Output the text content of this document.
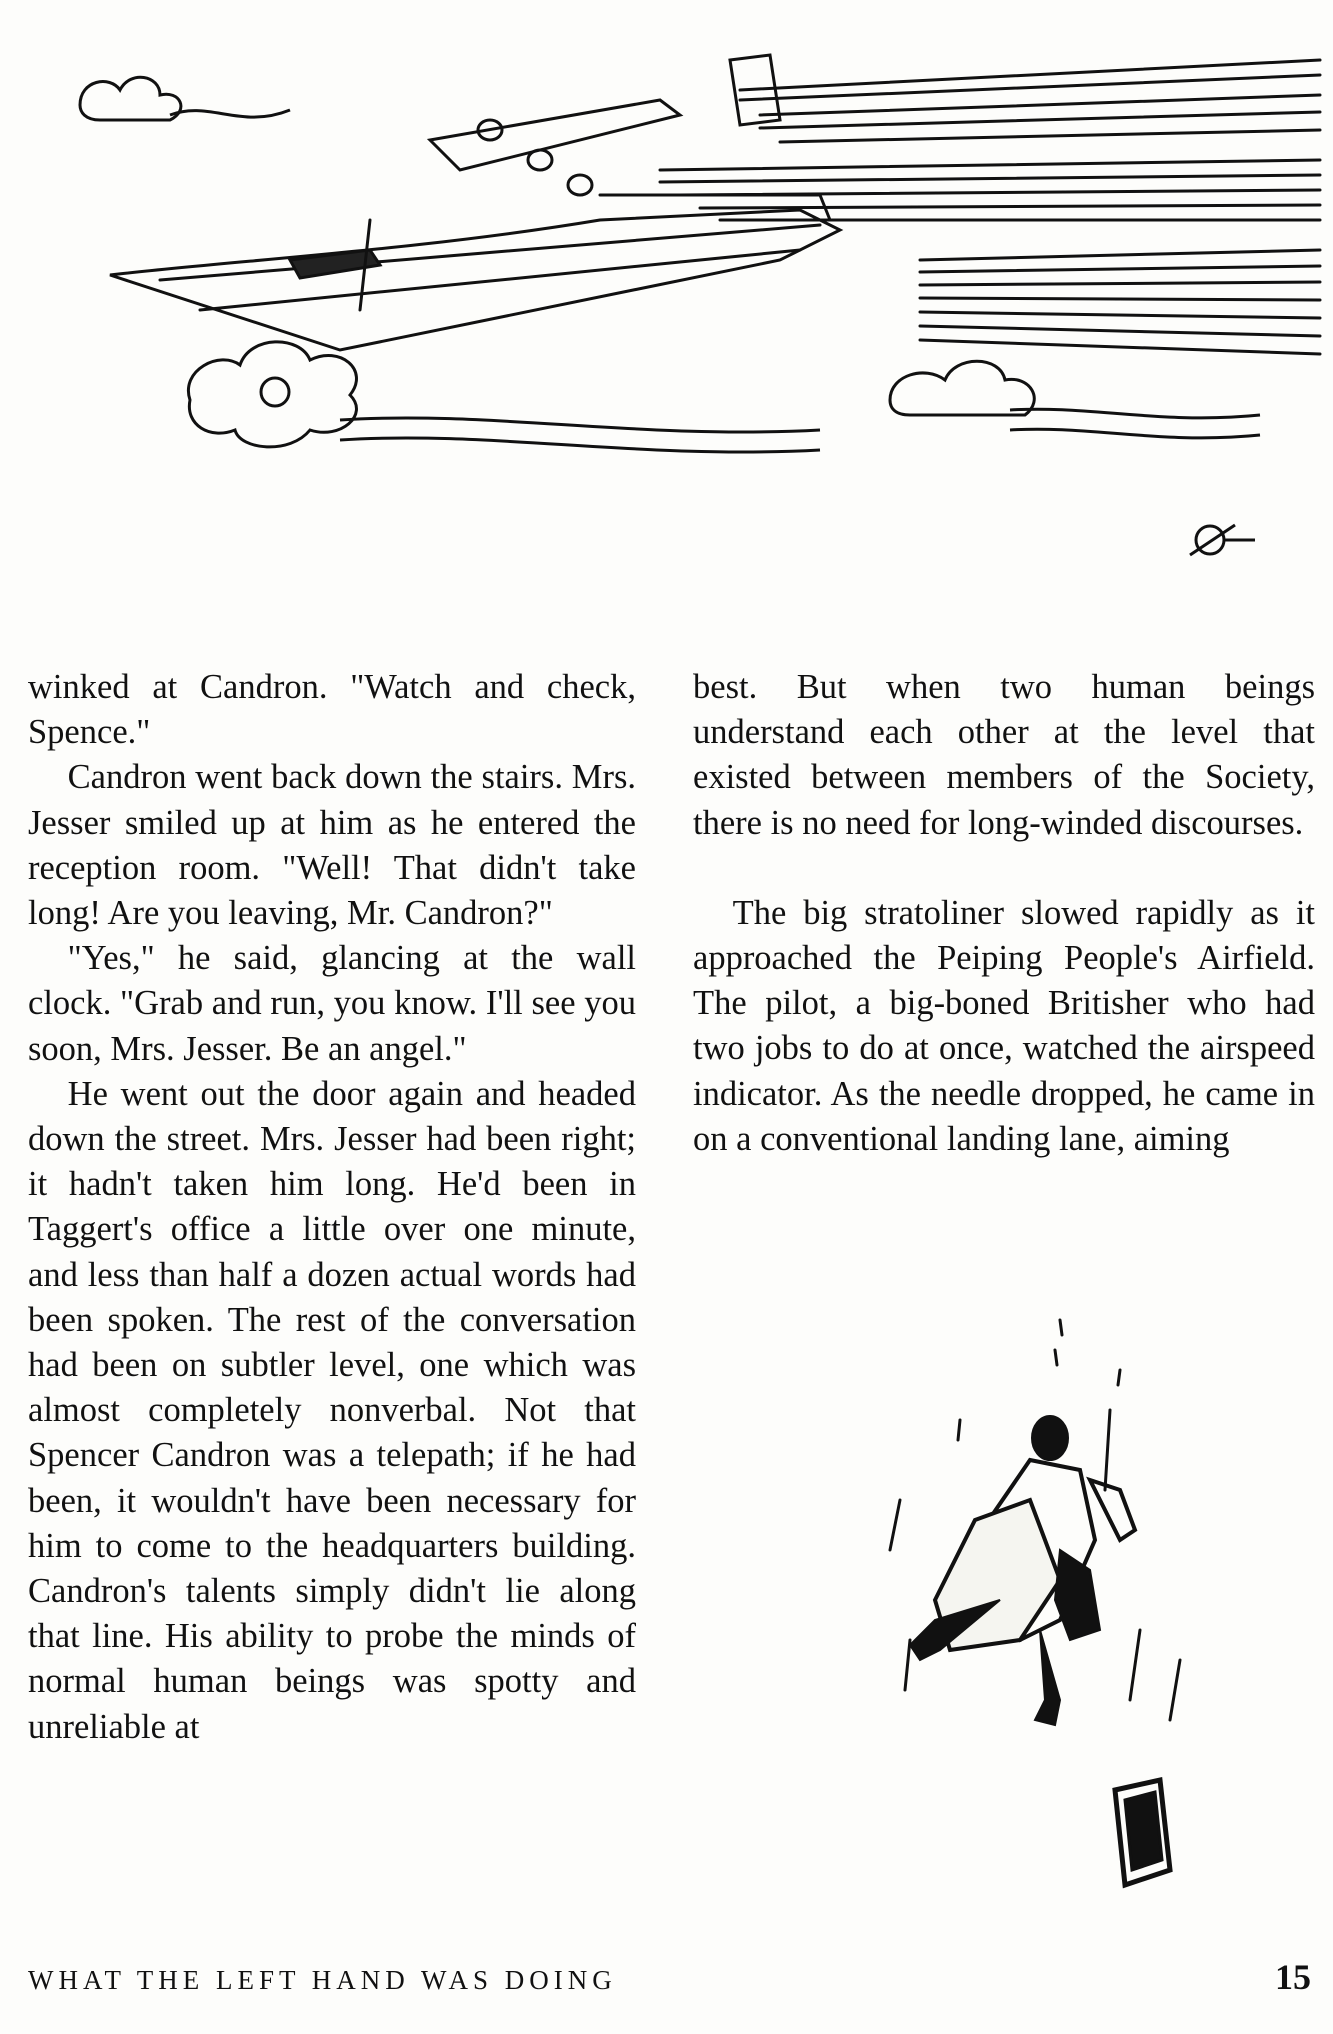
winked at Candron. "Watch and check, Spence."

Candron went back down the stairs. Mrs. Jesser smiled up at him as he entered the reception room. "Well! That didn't take long! Are you leaving, Mr. Candron?"

"Yes," he said, glancing at the wall clock. "Grab and run, you know. I'll see you soon, Mrs. Jesser. Be an angel."

He went out the door again and headed down the street. Mrs. Jesser had been right; it hadn't taken him long. He'd been in Taggert's office a little over one minute, and less than half a dozen actual words had been spoken. The rest of the conversation had been on subtler level, one which was almost completely nonverbal. Not that Spencer Candron was a telepath; if he had been, it wouldn't have been necessary for him to come to the headquarters building. Candron's talents simply didn't lie along that line. His ability to probe the minds of normal human beings was spotty and unreliable at

best. But when two human beings understand each other at the level that existed between members of the Society, there is no need for long-winded discourses.

The big stratoliner slowed rapidly as it approached the Peiping People's Airfield. The pilot, a big-boned Britisher who had two jobs to do at once, watched the airspeed indicator. As the needle dropped, he came in on a conventional landing lane, aiming

WHAT THE LEFT HAND WAS DOING	15
